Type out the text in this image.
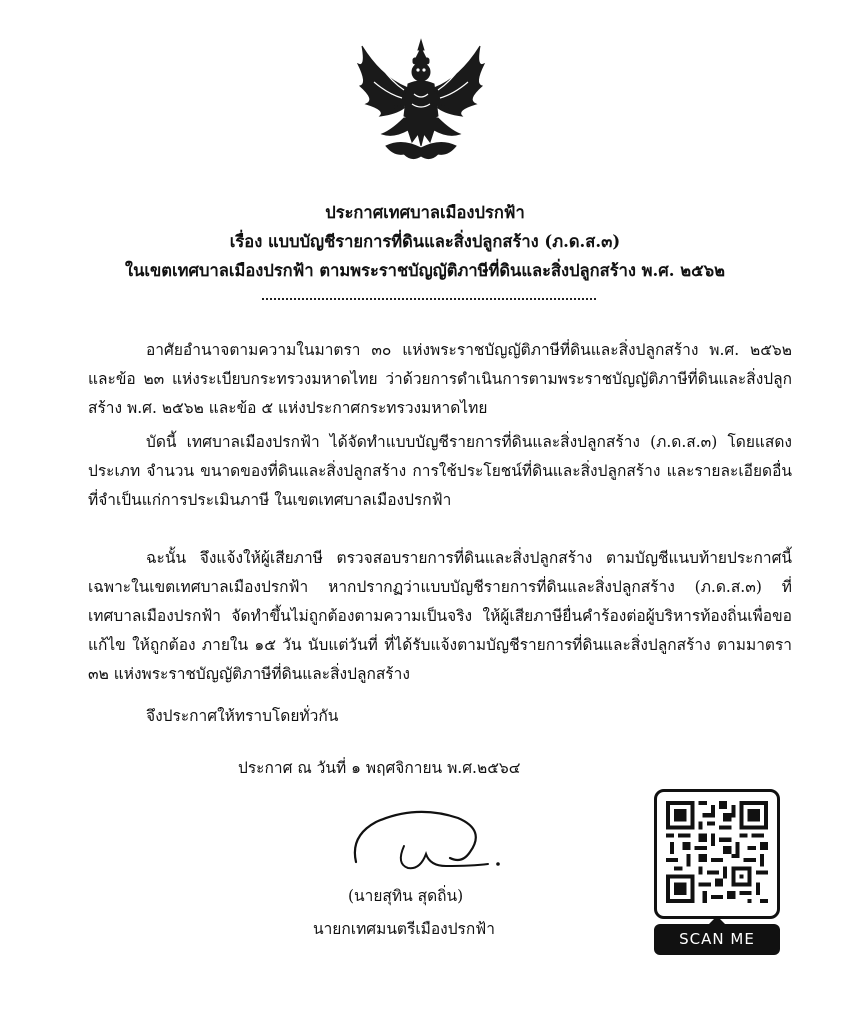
ประกาศเทศบาลเมืองปรกฟ้า
เรื่อง แบบบัญชีรายการที่ดินและสิ่งปลูกสร้าง (ภ.ด.ส.๓)
ในเขตเทศบาลเมืองปรกฟ้า ตามพระราชบัญญัติภาษีที่ดินและสิ่งปลูกสร้าง พ.ศ. ๒๕๖๒

อาศัยอำนาจตามความในมาตรา ๓๐ แห่งพระราชบัญญัติภาษีที่ดินและสิ่งปลูกสร้าง พ.ศ. ๒๕๖๒ และข้อ ๒๓ แห่งระเบียบกระทรวงมหาดไทย ว่าด้วยการดำเนินการตามพระราชบัญญัติภาษีที่ดินและสิ่งปลูกสร้าง พ.ศ. ๒๕๖๒ และข้อ ๕ แห่งประกาศกระทรวงมหาดไทย

บัดนี้ เทศบาลเมืองปรกฟ้า ได้จัดทำแบบบัญชีรายการที่ดินและสิ่งปลูกสร้าง (ภ.ด.ส.๓) โดยแสดงประเภท จำนวน ขนาดของที่ดินและสิ่งปลูกสร้าง การใช้ประโยชน์ที่ดินและสิ่งปลูกสร้าง และรายละเอียดอื่นที่จำเป็นแก่การประเมินภาษี ในเขตเทศบาลเมืองปรกฟ้า

ฉะนั้น จึงแจ้งให้ผู้เสียภาษี ตรวจสอบรายการที่ดินและสิ่งปลูกสร้าง ตามบัญชีแนบท้ายประกาศนี้ เฉพาะในเขตเทศบาลเมืองปรกฟ้า หากปรากฏว่าแบบบัญชีรายการที่ดินและสิ่งปลูกสร้าง (ภ.ด.ส.๓) ที่เทศบาลเมืองปรกฟ้า จัดทำขึ้นไม่ถูกต้องตามความเป็นจริง ให้ผู้เสียภาษียื่นคำร้องต่อผู้บริหารท้องถิ่นเพื่อขอแก้ไข ให้ถูกต้อง ภายใน ๑๕ วัน นับแต่วันที่ ที่ได้รับแจ้งตามบัญชีรายการที่ดินและสิ่งปลูกสร้าง ตามมาตรา ๓๒ แห่งพระราชบัญญัติภาษีที่ดินและสิ่งปลูกสร้าง

จึงประกาศให้ทราบโดยทั่วกัน
ประกาศ ณ วันที่ ๑ พฤศจิกายน พ.ศ.๒๕๖๔
(นายสุทิน สุดถิ่น)
นายกเทศมนตรีเมืองปรกฟ้า
SCAN ME
